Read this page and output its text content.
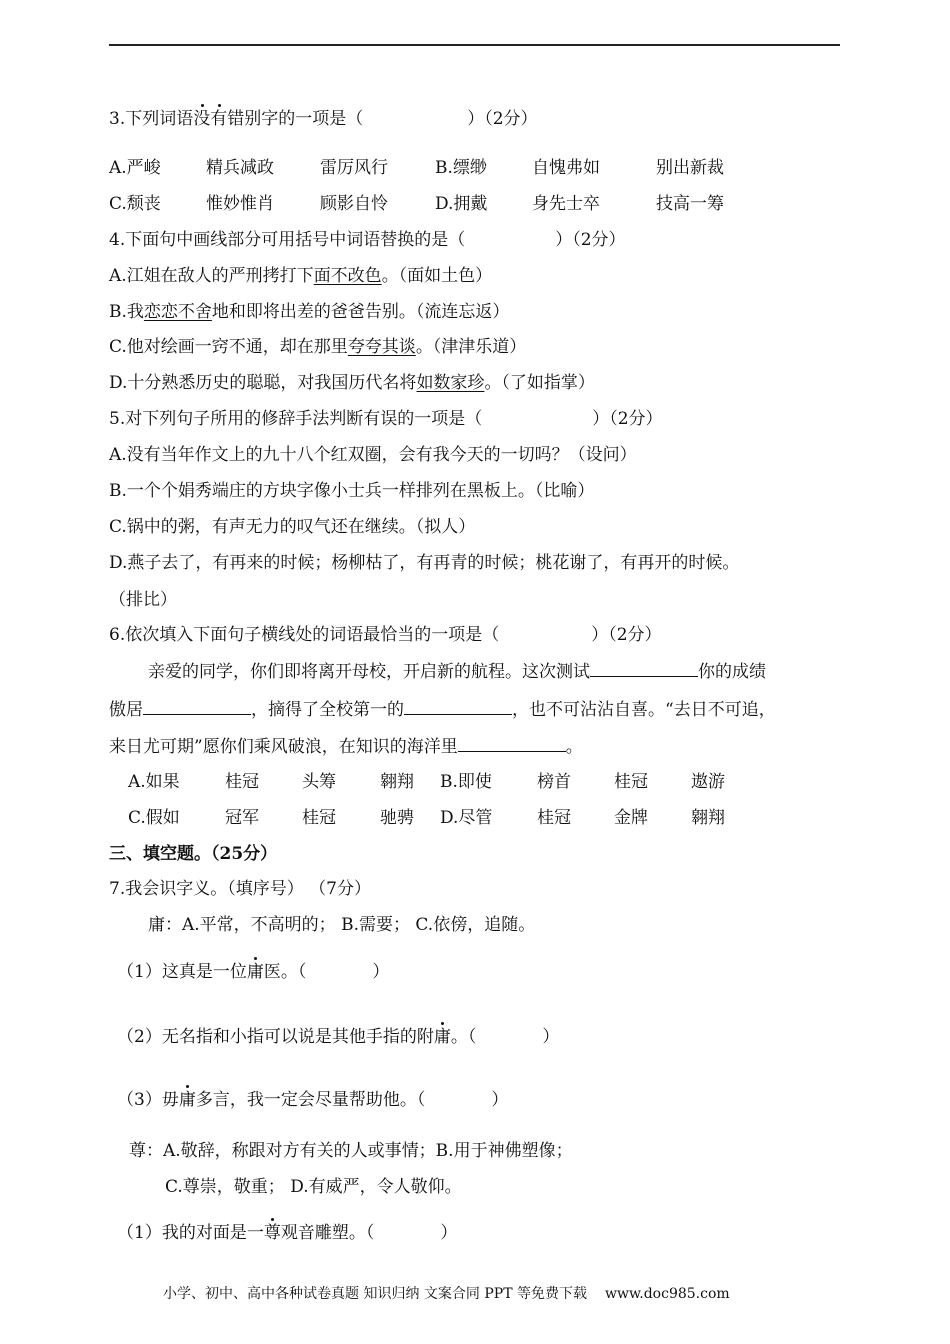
3.下列词语没有错别字的一项是（	）（2分）
A.严峻	精兵减政	雷厉风行	B.缥缈	自愧弗如	别出新裁
C.颓丧	惟妙惟肖	顾影自怜	D.拥戴	身先士卒	技高一筹
4.下面句中画线部分可用括号中词语替换的是（	）（2分）
A.江姐在敌人的严刑拷打下面不改色。（面如土色）
B.我恋恋不舍地和即将出差的爸爸告别。（流连忘返）
C.他对绘画一窍不通，却在那里夸夸其谈。（津津乐道）
D.十分熟悉历史的聪聪，对我国历代名将如数家珍。（了如指掌）
5.对下列句子所用的修辞手法判断有误的一项是（	）（2分）
A.没有当年作文上的九十八个红双圈，会有我今天的一切吗？（设问）
B.一个个娟秀端庄的方块字像小士兵一样排列在黑板上。（比喻）
C.锅中的粥，有声无力的叹气还在继续。（拟人）
D.燕子去了，有再来的时候；杨柳枯了，有再青的时候；桃花谢了，有再开的时候。
（排比）
6.依次填入下面句子横线处的词语最恰当的一项是（	）（2分）
亲爱的同学，你们即将离开母校，开启新的航程。这次测试	你的成绩
傲居	，摘得了全校第一的	，也不可沾沾自喜。“去日不可追，
来日尤可期”愿你们乘风破浪，在知识的海洋里	。
A.如果	桂冠	头筹	翱翔 B.即使	榜首	桂冠	遨游
C.假如	冠军	桂冠	驰骋 D.尽管	桂冠	金牌	翱翔
三、填空题。（25分）
7.我会识字义。（填序号） （7分）
庸：A.平常，不高明的； B.需要； C.依傍，追随。
（1）这真是一位庸医。（	）
（2）无名指和小指可以说是其他手指的附庸。（	）
（3）毋庸多言，我一定会尽量帮助他。（	）
尊：A.敬辞，称跟对方有关的人或事情；B.用于神佛塑像；
C.尊崇，敬重； D.有威严，令人敬仰。
（1）我的对面是一尊观音雕塑。（	）
小学、初中、高中各种试卷真题 知识归纳 文案合同 PPT 等免费下载 www.doc985.com
